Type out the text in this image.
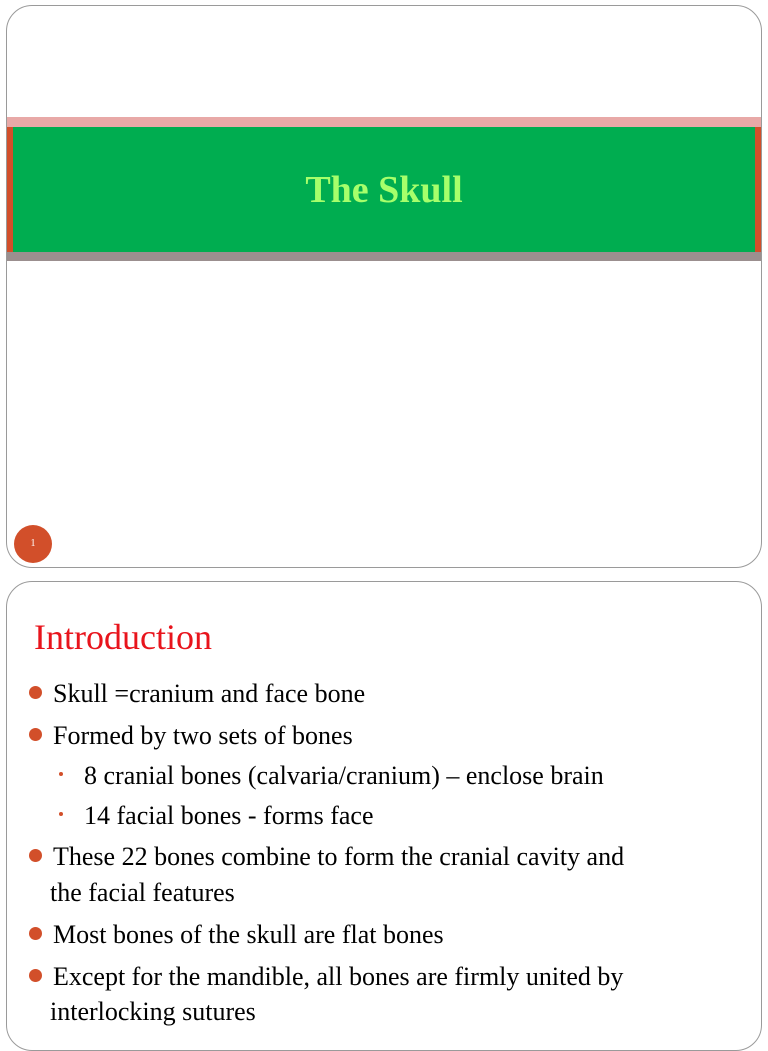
The Skull
1
Introduction
Skull =cranium and face bone
Formed by two sets of bones
8 cranial bones (calvaria/cranium) – enclose brain
14 facial bones - forms face
These 22 bones combine to form the cranial cavity and
the facial features
Most bones of the skull are flat bones
Except for the mandible, all bones are firmly united by
interlocking sutures
